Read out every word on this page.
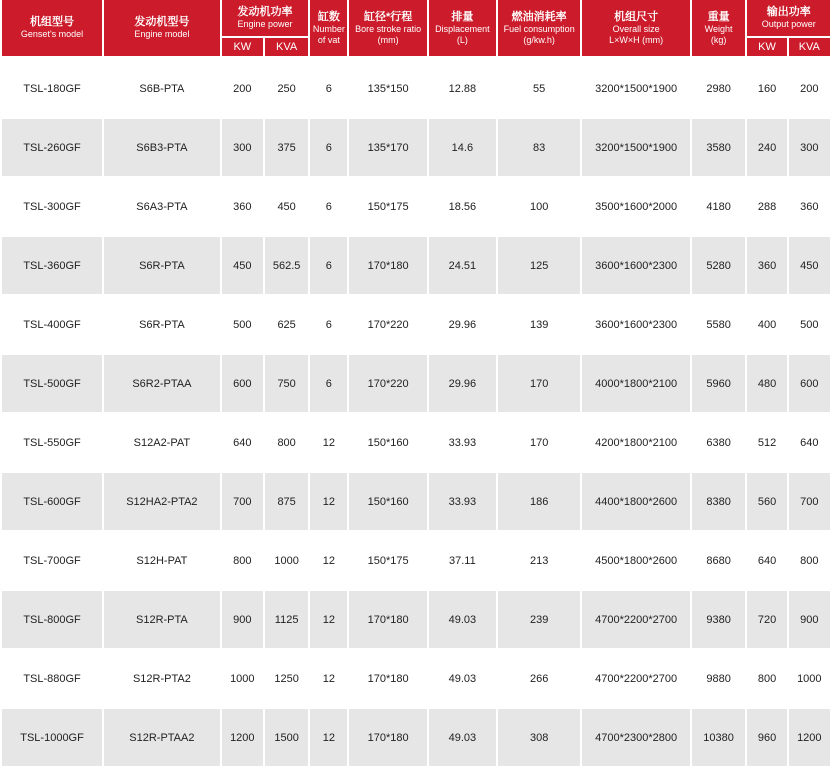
机组型号
Genset's model	发动机型号
Engine model	发动机功率
Engine power		缸数
Number
of vat	缸径*行程
Bore stroke ratio
(mm)	排量
Displacement
(L)	燃油消耗率
Fuel consumption
(g/kw.h)	机组尺寸
Overall size
L×W×H (mm)	重量
Weight
(kg)	输出功率
Output power	

		KW	KVA							KW	KVA
TSL-180GF	S6B-PTA	200	250	6	135*150	12.88	55	3200*1500*1900	2980	160	200
TSL-260GF	S6B3-PTA	300	375	6	135*170	14.6	83	3200*1500*1900	3580	240	300
TSL-300GF	S6A3-PTA	360	450	6	150*175	18.56	100	3500*1600*2000	4180	288	360
TSL-360GF	S6R-PTA	450	562.5	6	170*180	24.51	125	3600*1600*2300	5280	360	450
TSL-400GF	S6R-PTA	500	625	6	170*220	29.96	139	3600*1600*2300	5580	400	500
TSL-500GF	S6R2-PTAA	600	750	6	170*220	29.96	170	4000*1800*2100	5960	480	600
TSL-550GF	S12A2-PAT	640	800	12	150*160	33.93	170	4200*1800*2100	6380	512	640
TSL-600GF	S12HA2-PTA2	700	875	12	150*160	33.93	186	4400*1800*2600	8380	560	700
TSL-700GF	S12H-PAT	800	1000	12	150*175	37.11	213	4500*1800*2600	8680	640	800
TSL-800GF	S12R-PTA	900	1125	12	170*180	49.03	239	4700*2200*2700	9380	720	900
TSL-880GF	S12R-PTA2	1000	1250	12	170*180	49.03	266	4700*2200*2700	9880	800	1000
TSL-1000GF	S12R-PTAA2	1200	1500	12	170*180	49.03	308	4700*2300*2800	10380	960	1200
